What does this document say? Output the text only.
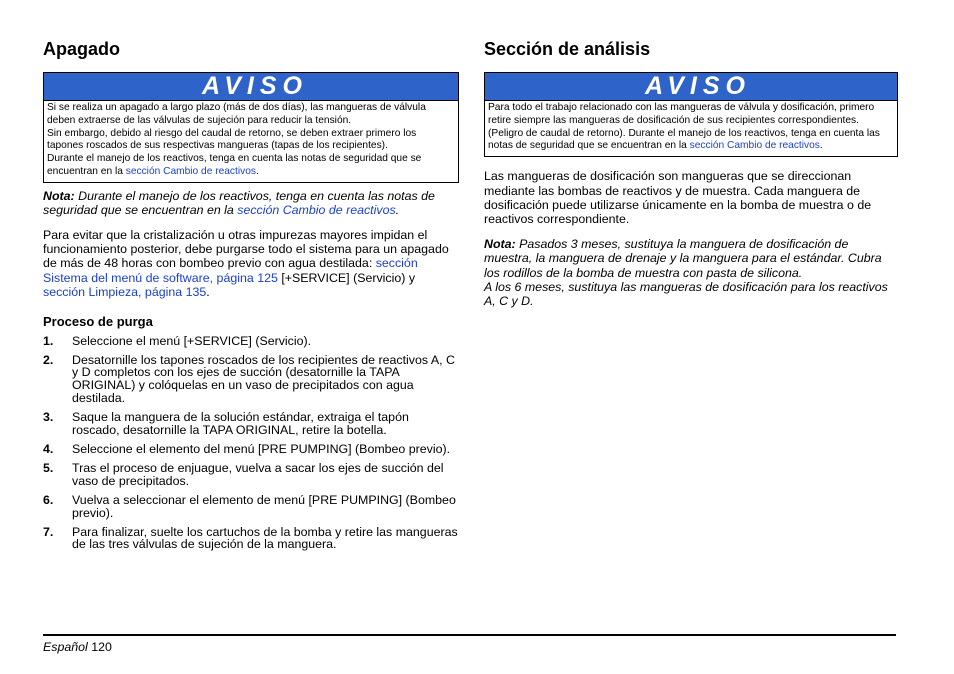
Apagado
AVISO

Si se realiza un apagado a largo plazo (más de dos días), las mangueras de válvula deben extraerse de las válvulas de sujeción para reducir la tensión.

Sin embargo, debido al riesgo del caudal de retorno, se deben extraer primero los tapones roscados de sus respectivas mangueras (tapas de los recipientes).

Durante el manejo de los reactivos, tenga en cuenta las notas de seguridad que se encuentran en la sección Cambio de reactivos.

Nota: Durante el manejo de los reactivos, tenga en cuenta las notas de seguridad que se encuentran en la sección Cambio de reactivos.

Para evitar que la cristalización u otras impurezas mayores impidan el funcionamiento posterior, debe purgarse todo el sistema para un apagado de más de 48 horas con bombeo previo con agua destilada: sección Sistema del menú de software, página 125 [+SERVICE] (Servicio) y sección Limpieza, página 135.

Proceso de purga
1. Seleccione el menú [+SERVICE] (Servicio).
2. Desatornille los tapones roscados de los recipientes de reactivos A, C y D completos con los ejes de succión (desatornille la TAPA ORIGINAL) y colóquelas en un vaso de precipitados con agua destilada.
3. Saque la manguera de la solución estándar, extraiga el tapón roscado, desatornille la TAPA ORIGINAL, retire la botella.
4. Seleccione el elemento del menú [PRE PUMPING] (Bombeo previo).
5. Tras el proceso de enjuague, vuelva a sacar los ejes de succión del vaso de precipitados.
6. Vuelva a seleccionar el elemento de menú [PRE PUMPING] (Bombeo previo).
7. Para finalizar, suelte los cartuchos de la bomba y retire las mangueras de las tres válvulas de sujeción de la manguera.
Sección de análisis
AVISO

Para todo el trabajo relacionado con las mangueras de válvula y dosificación, primero retire siempre las mangueras de dosificación de sus recipientes correspondientes. (Peligro de caudal de retorno). Durante el manejo de los reactivos, tenga en cuenta las notas de seguridad que se encuentran en la sección Cambio de reactivos.

Las mangueras de dosificación son mangueras que se direccionan mediante las bombas de reactivos y de muestra. Cada manguera de dosificación puede utilizarse únicamente en la bomba de muestra o de reactivos correspondiente.

Nota: Pasados 3 meses, sustituya la manguera de dosificación de muestra, la manguera de drenaje y la manguera para el estándar. Cubra los rodillos de la bomba de muestra con pasta de silicona.
A los 6 meses, sustituya las mangueras de dosificación para los reactivos A, C y D.

Español 120
